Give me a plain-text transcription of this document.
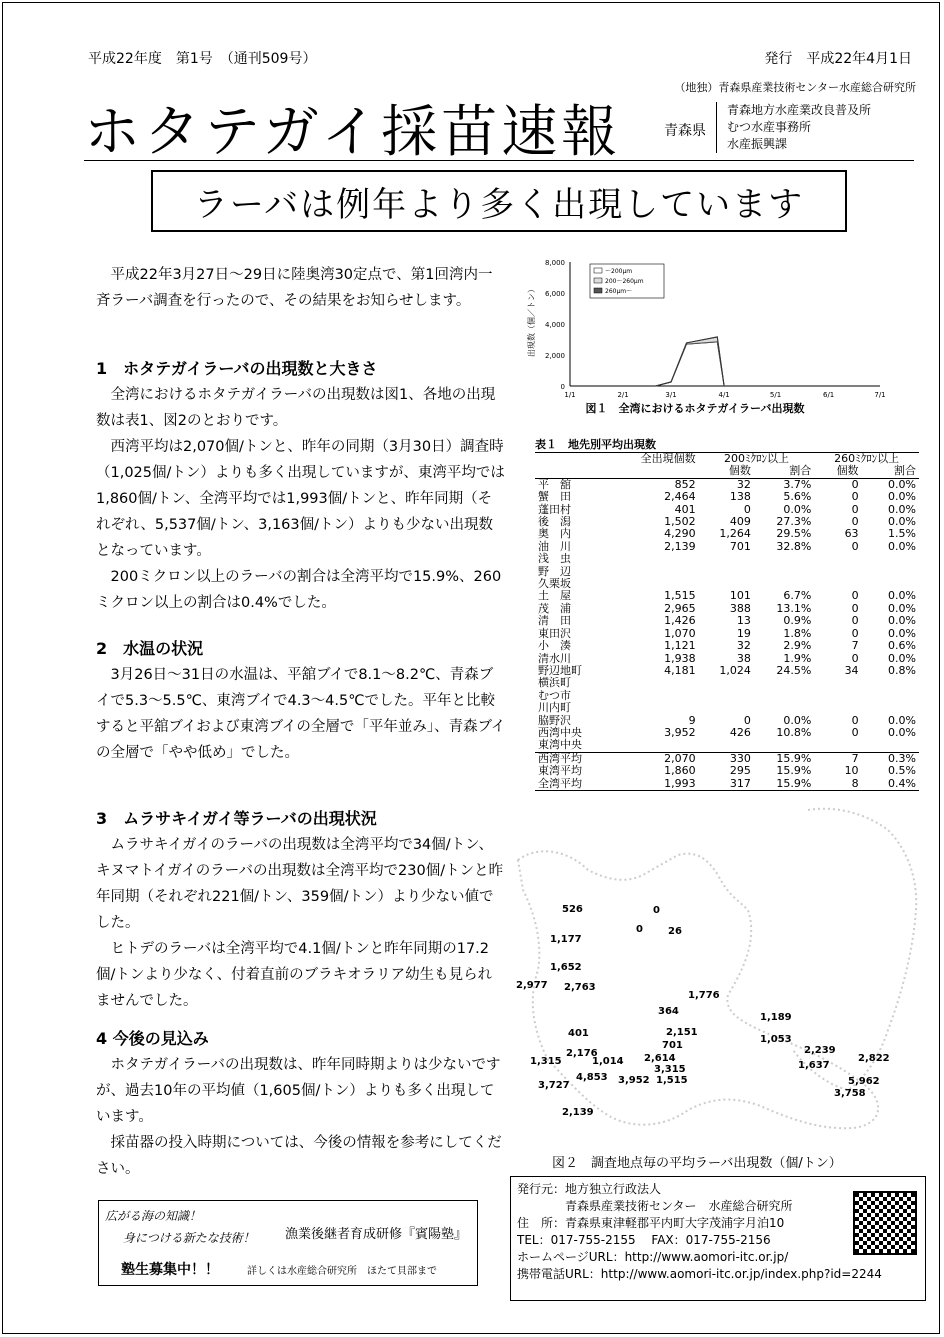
平成22年度　第1号　（通刊509号）	発行　平成22年4月1日
（地独）青森県産業技術センター水産総合研究所
ホタテガイ採苗速報	青森県
青森地方水産業改良普及所
むつ水産事務所
水産振興課
ラーバは例年より多く出現しています

平成22年3月27日～29日に陸奥湾30定点で、第1回湾内一斉ラーバ調査を行ったので、その結果をお知らせします。

1　ホタテガイラーバの出現数と大きさ

全湾におけるホタテガイラーバの出現数は図1、各地の出現数は表1、図2のとおりです。

西湾平均は2,070個/トンと、昨年の同期（3月30日）調査時（1,025個/トン）よりも多く出現していますが、東湾平均では1,860個/トン、全湾平均では1,993個/トンと、昨年同期（それぞれ、5,537個/トン、3,163個/トン）よりも少ない出現数となっています。

200ミクロン以上のラーバの割合は全湾平均で15.9%、260ミクロン以上の割合は0.4%でした。

2　水温の状況

3月26日～31日の水温は、平舘ブイで8.1～8.2℃、青森ブイで5.3～5.5℃、東湾ブイで4.3～4.5℃でした。平年と比較すると平舘ブイおよび東湾ブイの全層で「平年並み」、青森ブイの全層で「やや低め」でした。

3　ムラサキイガイ等ラーバの出現状況

ムラサキイガイのラーバの出現数は全湾平均で34個/トン、キヌマトイガイのラーバの出現数は全湾平均で230個/トンと昨年同期（それぞれ221個/トン、359個/トン）より少ない値でした。

ヒトデのラーバは全湾平均で4.1個/トンと昨年同期の17.2個/トンより少なく、付着直前のブラキオラリア幼生も見られませんでした。

4 今後の見込み

ホタテガイラーバの出現数は、昨年同時期よりは少ないですが、過去10年の平均値（1,605個/トン）よりも多く出現しています。

採苗器の投入時期については、今後の情報を参考にしてください。

0
2,000
4,000
6,000
8,000
1/1	2/1	3/1	4/1	5/1	6/1	7/1
出現数（個／トン）
～200μm
200～260μm
260μm～
図１　全湾におけるホタテガイラーバ出現数
表１　地先別平均出現数
	全出現個数	200ﾐｸﾛﾝ以上		260ﾐｸﾛﾝ以上	
		個数	割合	個数	割合
平　舘	852	32	3.7%	0	0.0%
蟹　田	2,464	138	5.6%	0	0.0%
蓬田村	401	0	0.0%	0	0.0%
後　潟	1,502	409	27.3%	0	0.0%
奥　内	4,290	1,264	29.5%	63	1.5%
油　川	2,139	701	32.8%	0	0.0%
浅　虫					
野　辺					
久栗坂					
土　屋	1,515	101	6.7%	0	0.0%
茂　浦	2,965	388	13.1%	0	0.0%
清　田	1,426	13	0.9%	0	0.0%
東田沢	1,070	19	1.8%	0	0.0%
小　湊	1,121	32	2.9%	7	0.6%
清水川	1,938	38	1.9%	0	0.0%
野辺地町	4,181	1,024	24.5%	34	0.8%
横浜町					
むつ市					
川内町					
脇野沢	9	0	0.0%	0	0.0%
西湾中央	3,952	426	10.8%	0	0.0%
東湾中央					
西湾平均	2,070	330	15.9%	7	0.3%
東湾平均	1,860	295	15.9%	10	0.5%
全湾平均	1,993	317	15.9%	8	0.4%
526	0
0	26
1,177
1,652
2,977 2,763
1,776
364
1,189
401	2,151
1,053
701	2,239
2,822
1,315
2,176
1,014 2,614
1,637
3,315
4,853
3,727	3,952 1,515	5,962
3,758
2,139
図２　調査地点毎の平均ラーバ出現数（個/トン）
広がる海の知識！
身につける新たな技術！ 漁業後継者育成研修『賓陽塾』
塾生募集中！！	詳しくは水産総合研究所　ほたて貝部まで
発行元：地方独立行政法人
青森県産業技術センター　水産総合研究所
住　所：青森県東津軽郡平内町大字茂浦字月泊10
TEL：017-755-2155　 FAX：017-755-2156
ホームページURL：http://www.aomori-itc.or.jp/
携帯電話URL：http://www.aomori-itc.or.jp/index.php?id=2244
